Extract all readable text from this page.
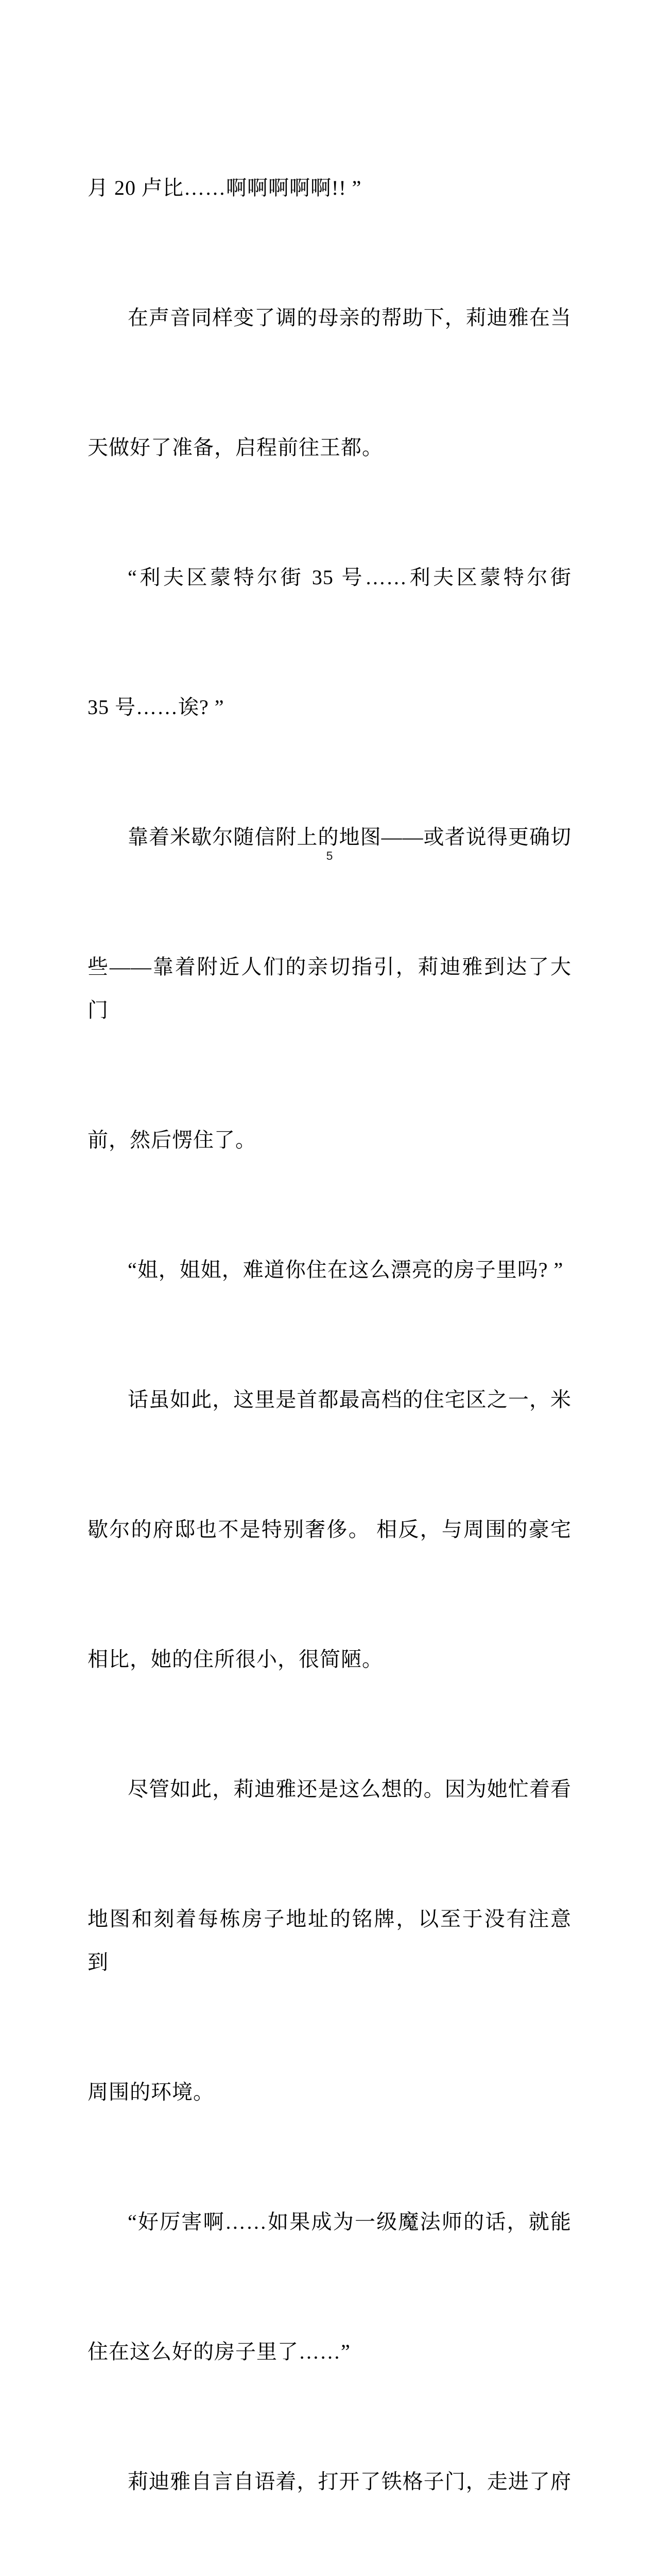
月 20 卢比……啊啊啊啊啊!! ”

在声音同样变了调的母亲的帮助下，莉迪雅在当

天做好了准备，启程前往王都。

“利夫区蒙特尔街 35 号……利夫区蒙特尔街

35 号……诶? ”

靠着米歇尔随信附上的地图——或者说得更确切

些——靠着附近人们的亲切指引，莉迪雅到达了大门

前，然后愣住了。

“姐，姐姐，难道你住在这么漂亮的房子里吗? ”

话虽如此，这里是首都最高档的住宅区之一，米

歇尔的府邸也不是特别奢侈。 相反，与周围的豪宅

相比，她的住所很小，很简陋。

尽管如此，莉迪雅还是这么想的。因为她忙着看

地图和刻着每栋房子地址的铭牌，以至于没有注意到

周围的环境。

“好厉害啊……如果成为一级魔法师的话，就能

住在这么好的房子里了……”

莉迪雅自言自语着，打开了铁格子门，走进了府

5
